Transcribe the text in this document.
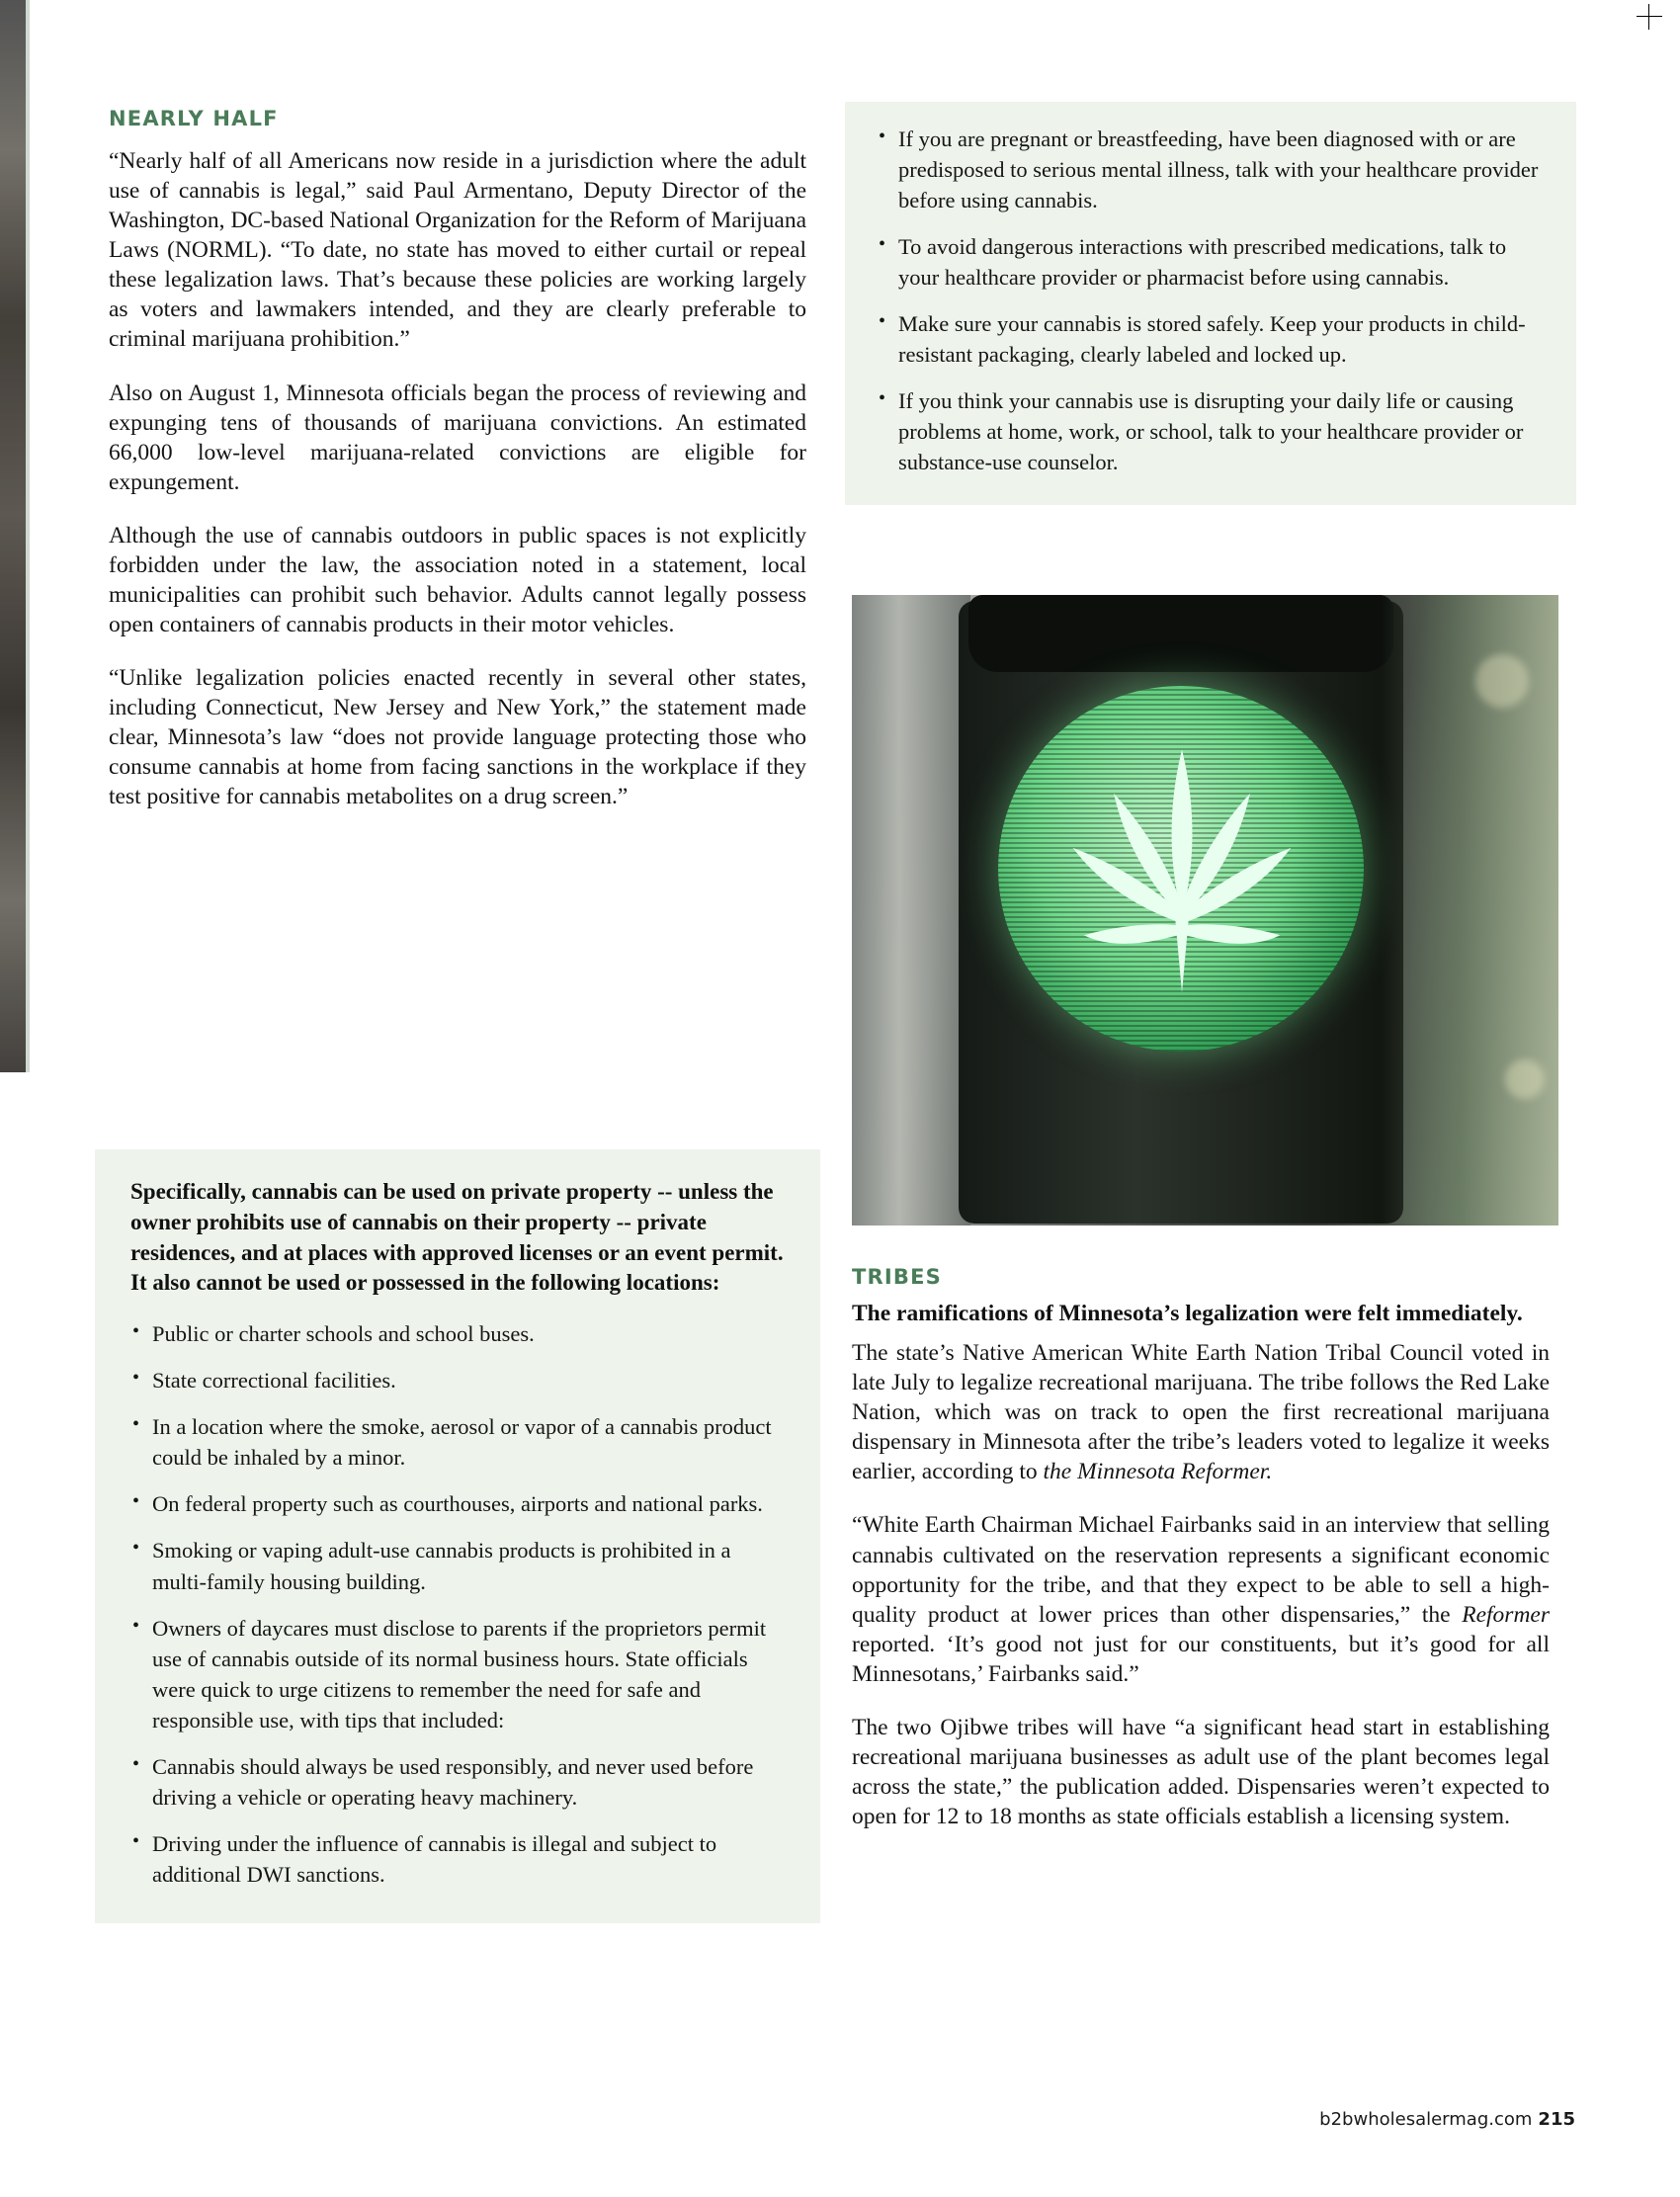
NEARLY HALF

“Nearly half of all Americans now reside in a jurisdiction where the adult use of cannabis is legal,” said Paul Armentano, Deputy Director of the Washington, DC-based National Organization for the Reform of Marijuana Laws (NORML). “To date, no state has moved to either curtail or repeal these legalization laws. That’s because these policies are working largely as voters and lawmakers intended, and they are clearly preferable to criminal marijuana prohibition.”

Also on August 1, Minnesota officials began the process of reviewing and expunging tens of thousands of marijuana convictions. An estimated 66,000 low-level marijuana-related convictions are eligible for expungement.

Although the use of cannabis outdoors in public spaces is not explicitly forbidden under the law, the association noted in a statement, local municipalities can prohibit such behavior. Adults cannot legally possess open containers of cannabis products in their motor vehicles.

“Unlike legalization policies enacted recently in several other states, including Connecticut, New Jersey and New York,” the statement made clear, Minnesota’s law “does not provide language protecting those who consume cannabis at home from facing sanctions in the workplace if they test positive for cannabis metabolites on a drug screen.”

Specifically, cannabis can be used on private property -- unless the owner prohibits use of cannabis on their property -- private residences, and at places with approved licenses or an event permit. It also cannot be used or possessed in the following locations:

• Public or charter schools and school buses.
• State correctional facilities.
• In a location where the smoke, aerosol or vapor of a cannabis product could be inhaled by a minor.
• On federal property such as courthouses, airports and national parks.
• Smoking or vaping adult-use cannabis products is prohibited in a multi-family housing building.
• Owners of daycares must disclose to parents if the proprietors permit use of cannabis outside of its normal business hours. State officials were quick to urge citizens to remember the need for safe and responsible use, with tips that included:
• Cannabis should always be used responsibly, and never used before driving a vehicle or operating heavy machinery.
• Driving under the influence of cannabis is illegal and subject to additional DWI sanctions.
• If you are pregnant or breastfeeding, have been diagnosed with or are predisposed to serious mental illness, talk with your healthcare provider before using cannabis.
• To avoid dangerous interactions with prescribed medications, talk to your healthcare provider or pharmacist before using cannabis.
• Make sure your cannabis is stored safely. Keep your products in child-resistant packaging, clearly labeled and locked up.
• If you think your cannabis use is disrupting your daily life or causing problems at home, work, or school, talk to your healthcare provider or substance-use counselor.
TRIBES

The ramifications of Minnesota’s legalization were felt immediately.

The state’s Native American White Earth Nation Tribal Council voted in late July to legalize recreational marijuana. The tribe follows the Red Lake Nation, which was on track to open the first recreational marijuana dispensary in Minnesota after the tribe’s leaders voted to legalize it weeks earlier, according to the Minnesota Reformer.

“White Earth Chairman Michael Fairbanks said in an interview that selling cannabis cultivated on the reservation represents a significant economic opportunity for the tribe, and that they expect to be able to sell a high-quality product at lower prices than other dispensaries,” the Reformer reported. ‘It’s good not just for our constituents, but it’s good for all Minnesotans,’ Fairbanks said.”

The two Ojibwe tribes will have “a significant head start in establishing recreational marijuana businesses as adult use of the plant becomes legal across the state,” the publication added. Dispensaries weren’t expected to open for 12 to 18 months as state officials establish a licensing system.

b2bwholesalermag.com 215
